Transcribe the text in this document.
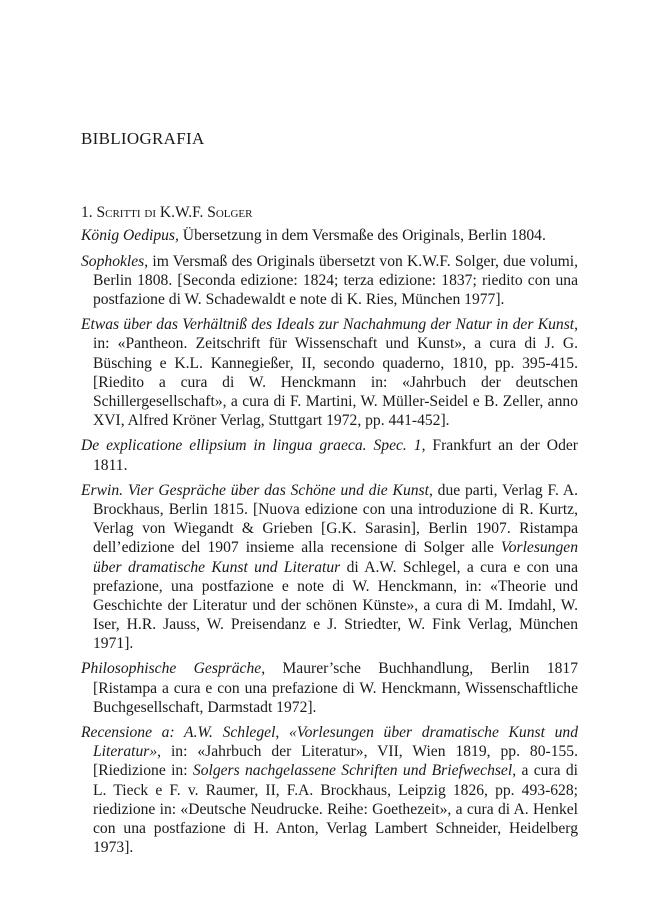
BIBLIOGRAFIA
1. Scritti di K.W.F. Solger
König Oedipus, Übersetzung in dem Versmaße des Originals, Berlin 1804.
Sophokles, im Versmaß des Originals übersetzt von K.W.F. Solger, due volumi, Berlin 1808. [Seconda edizione: 1824; terza edizione: 1837; riedito con una postfazione di W. Schadewaldt e note di K. Ries, München 1977].
Etwas über das Verhältniß des Ideals zur Nachahmung der Natur in der Kunst, in: «Pantheon. Zeitschrift für Wissenschaft und Kunst», a cura di J. G. Büsching e K.L. Kannegießer, II, secondo quaderno, 1810, pp. 395-415. [Riedito a cura di W. Henckmann in: «Jahrbuch der deutschen Schillergesellschaft», a cura di F. Martini, W. Müller-Seidel e B. Zeller, anno XVI, Alfred Kröner Verlag, Stuttgart 1972, pp. 441-452].
De explicatione ellipsium in lingua graeca. Spec. 1, Frankfurt an der Oder 1811.
Erwin. Vier Gespräche über das Schöne und die Kunst, due parti, Verlag F. A. Brockhaus, Berlin 1815. [Nuova edizione con una introduzione di R. Kurtz, Verlag von Wiegandt & Grieben [G.K. Sarasin], Berlin 1907. Ristampa dell’edizione del 1907 insieme alla recensione di Solger alle Vorlesungen über dramatische Kunst und Literatur di A.W. Schlegel, a cura e con una prefazione, una postfazione e note di W. Henckmann, in: «Theorie und Geschichte der Literatur und der schönen Künste», a cura di M. Imdahl, W. Iser, H.R. Jauss, W. Preisendanz e J. Striedter, W. Fink Verlag, München 1971].
Philosophische Gespräche, Maurer’sche Buchhandlung, Berlin 1817 [Ristampa a cura e con una prefazione di W. Henckmann, Wissenschaftliche Buchgesellschaft, Darmstadt 1972].
Recensione a: A.W. Schlegel, «Vorlesungen über dramatische Kunst und Literatur», in: «Jahrbuch der Literatur», VII, Wien 1819, pp. 80-155. [Riedizione in: Solgers nachgelassene Schriften und Briefwechsel, a cura di L. Tieck e F. v. Raumer, II, F.A. Brockhaus, Leipzig 1826, pp. 493-628; riedizione in: «Deutsche Neudrucke. Reihe: Goethezeit», a cura di A. Henkel con una postfazione di H. Anton, Verlag Lambert Schneider, Heidelberg 1973].
